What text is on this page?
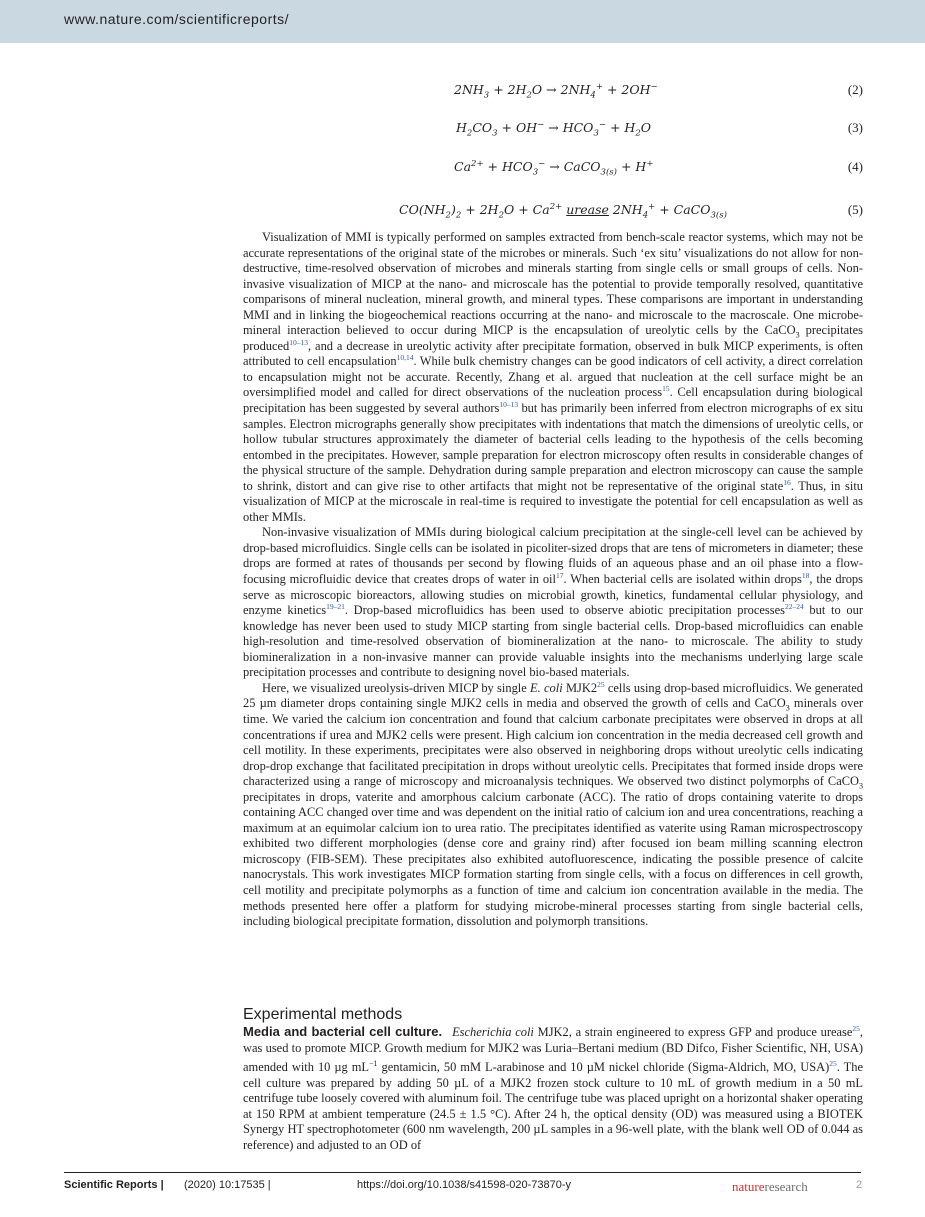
www.nature.com/scientificreports/
$2NH_3 + 2H_2O \to 2NH_4^+ + 2OH^-$	(2)
$H_2CO_3 + OH^- \to HCO_3^- + H_2O$	(3)
$Ca^{2+} + HCO_3^-$ → CaCO$_{3(s)}$ + H+	(4)
$CO(NH_2)_2 + 2H_2O + Ca^{2+}$ urease $2NH_4^+$ + CaCO$_{3(s)}$	(5)

Visualization of MMI is typically performed on samples extracted from bench-scale reactor systems, which may not be accurate representations of the original state of the microbes or minerals. Such ‘ex situ’ visualizations do not allow for non-destructive, time-resolved observation of microbes and minerals starting from single cells or small groups of cells. Non-invasive visualization of MICP at the nano- and microscale has the potential to provide temporally resolved, quantitative comparisons of mineral nucleation, mineral growth, and mineral types. These comparisons are important in understanding MMI and in linking the biogeochemical reactions occurring at the nano- and microscale to the macroscale. One microbe-mineral interaction believed to occur during MICP is the encapsulation of ureolytic cells by the CaCO$_3$ precipitates produced$^{10-13}$, and a decrease in ureolytic activity after precipitate formation, observed in bulk MICP experiments, is often attributed to cell encapsulation$^{10,14}$. While bulk chemistry changes can be good indicators of cell activity, a direct correlation to encapsulation might not be accurate. Recently, Zhang et al. argued that nucleation at the cell surface might be an oversimplified model and called for direct observations of the nucleation process$^{15}$. Cell encapsulation during biological precipitation has been suggested by several authors$^{10-13}$ but has primarily been inferred from electron micrographs of ex situ samples. Electron micrographs generally show precipitates with indentations that match the dimensions of ureolytic cells, or hollow tubular structures approximately the diameter of bacterial cells leading to the hypothesis of the cells becoming entombed in the precipitates. However, sample preparation for electron microscopy often results in considerable changes of the physical structure of the sample. Dehydration during sample preparation and electron microscopy can cause the sample to shrink, distort and can give rise to other artifacts that might not be representative of the original state$^{16}$. Thus, in situ visualization of MICP at the microscale in real-time is required to investigate the potential for cell encapsulation as well as other MMIs.

Non-invasive visualization of MMIs during biological calcium precipitation at the single-cell level can be achieved by drop-based microfluidics. Single cells can be isolated in picoliter-sized drops that are tens of micrometers in diameter; these drops are formed at rates of thousands per second by flowing fluids of an aqueous phase and an oil phase into a flow-focusing microfluidic device that creates drops of water in oil$^{17}$. When bacterial cells are isolated within drops$^{18}$, the drops serve as microscopic bioreactors, allowing studies on microbial growth, kinetics, fundamental cellular physiology, and enzyme kinetics$^{19-21}$. Drop-based microfluidics has been used to observe abiotic precipitation processes$^{22-24}$ but to our knowledge has never been used to study MICP starting from single bacterial cells. Drop-based microfluidics can enable high-resolution and time-resolved observation of biomineralization at the nano- to microscale. The ability to study biomineralization in a non-invasive manner can provide valuable insights into the mechanisms underlying large scale precipitation processes and contribute to designing novel bio-based materials.

Here, we visualized ureolysis-driven MICP by single E. coli MJK2$^{25}$ cells using drop-based microfluidics. We generated 25 µm diameter drops containing single MJK2 cells in media and observed the growth of cells and CaCO$_3$ minerals over time. We varied the calcium ion concentration and found that calcium carbonate precipitates were observed in drops at all concentrations if urea and MJK2 cells were present. High calcium ion concentration in the media decreased cell growth and cell motility. In these experiments, precipitates were also observed in neighboring drops without ureolytic cells indicating drop-drop exchange that facilitated precipitation in drops without ureolytic cells. Precipitates that formed inside drops were characterized using a range of microscopy and microanalysis techniques. We observed two distinct polymorphs of CaCO$_3$ precipitates in drops, vaterite and amorphous calcium carbonate (ACC). The ratio of drops containing vaterite to drops containing ACC changed over time and was dependent on the initial ratio of calcium ion and urea concentrations, reaching a maximum at an equimolar calcium ion to urea ratio. The precipitates identified as vaterite using Raman microspectroscopy exhibited two different morphologies (dense core and grainy rind) after focused ion beam milling scanning electron microscopy (FIB-SEM). These precipitates also exhibited autofluorescence, indicating the possible presence of calcite nanocrystals. This work investigates MICP formation starting from single cells, with a focus on differences in cell growth, cell motility and precipitate polymorphs as a function of time and calcium ion concentration available in the media. The methods presented here offer a platform for studying microbe-mineral processes starting from single bacterial cells, including biological precipitate formation, dissolution and polymorph transitions.

Experimental methods

Media and bacterial cell culture. Escherichia coli MJK2, a strain engineered to express GFP and produce urease$^{25}$, was used to promote MICP. Growth medium for MJK2 was Luria–Bertani medium (BD Difco, Fisher Scientific, NH, USA) amended with 10 µg $mL^{-1}$ gentamicin, 50 mM L-arabinose and 10 µM nickel chloride (Sigma-Aldrich, MO, USA)$^{25}$. The cell culture was prepared by adding 50 µL of a MJK2 frozen stock culture to 10 mL of growth medium in a 50 mL centrifuge tube loosely covered with aluminum foil. The centrifuge tube was placed upright on a horizontal shaker operating at 150 RPM at ambient temperature (24.5 ± 1.5 °C). After 24 h, the optical density (OD) was measured using a BIOTEK Synergy HT spectrophotometer (600 nm wavelength, 200 µL samples in a 96-well plate, with the blank well OD of 0.044 as reference) and adjusted to an OD of

Scientific Reports | (2020) 10:17535 |	https://doi.org/10.1038/s41598-020-73870-y	natureresearch	2
